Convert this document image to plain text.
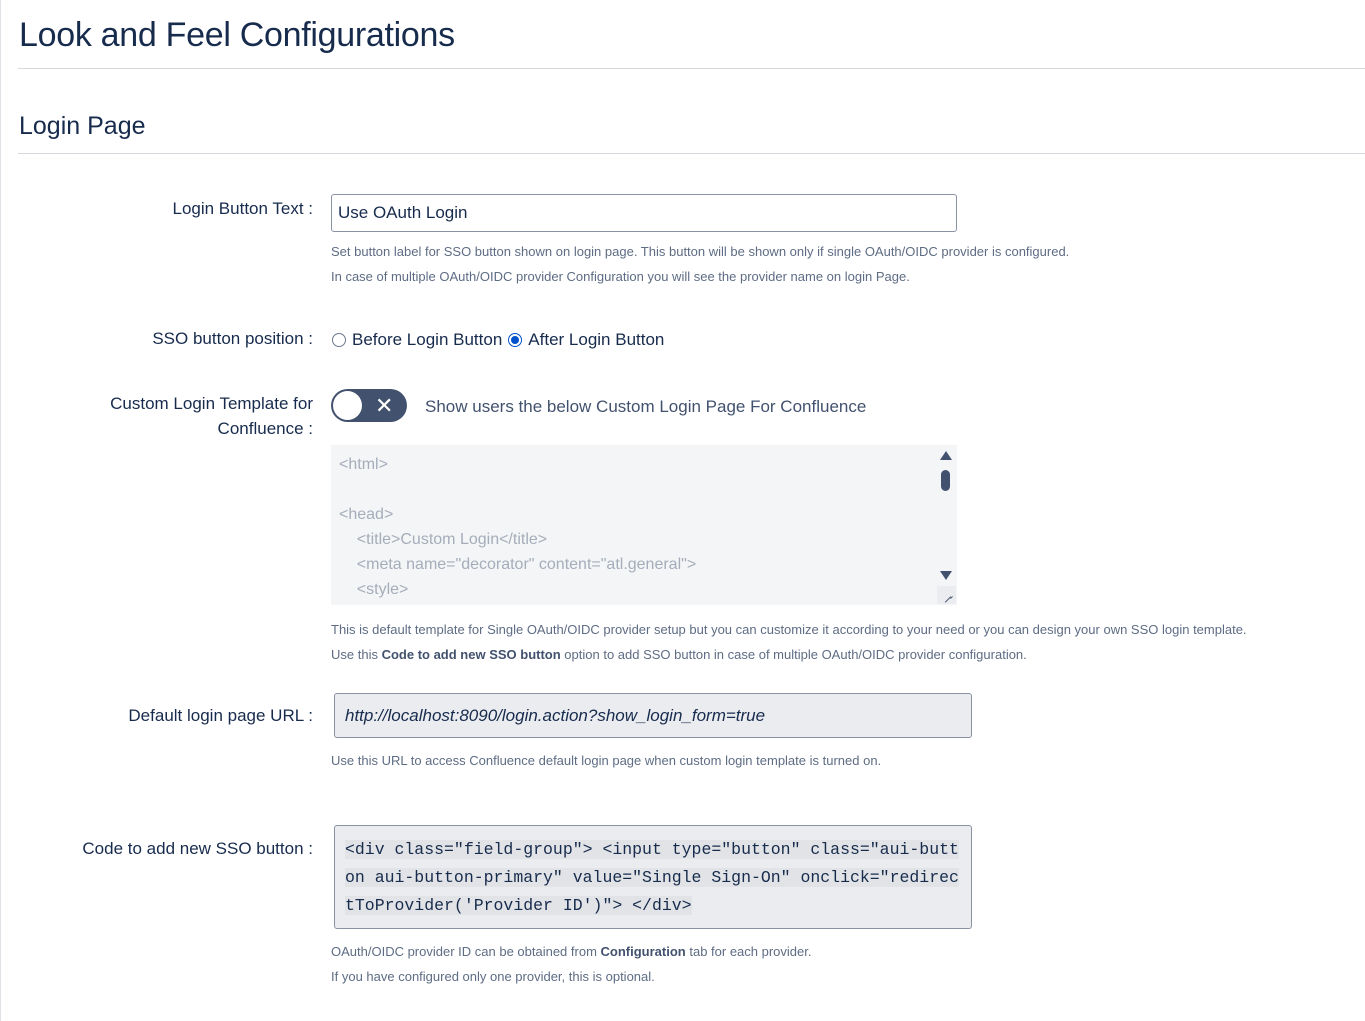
Look and Feel Configurations
Login Page
Login Button Text :	Use OAuth Login
Set button label for SSO button shown on login page. This button will be shown only if single OAuth/OIDC provider is configured.
In case of multiple OAuth/OIDC provider Configuration you will see the provider name on login Page.
SSO button position : Before Login Button After Login Button
Custom Login Template for
Confluence :
✕ Show users the below Custom Login Page For Confluence
<html>

<head>
<title>Custom Login</title>
<meta name="decorator" content="atl.general">
<style>
This is default template for Single OAuth/OIDC provider setup but you can customize it according to your need or you can design your own SSO login template.
Use this Code to add new SSO button option to add SSO button in case of multiple OAuth/OIDC provider configuration.
Default login page URL :	http://localhost:8090/login.action?show_login_form=true
Use this URL to access Confluence default login page when custom login template is turned on.
Code to add new SSO button :	<div class="field-group"> <input type="button" class="aui-button aui-button-primary" value="Single Sign-On" onclick="redirectToProvider('Provider ID')"> </div>
OAuth/OIDC provider ID can be obtained from Configuration tab for each provider.
If you have configured only one provider, this is optional.
